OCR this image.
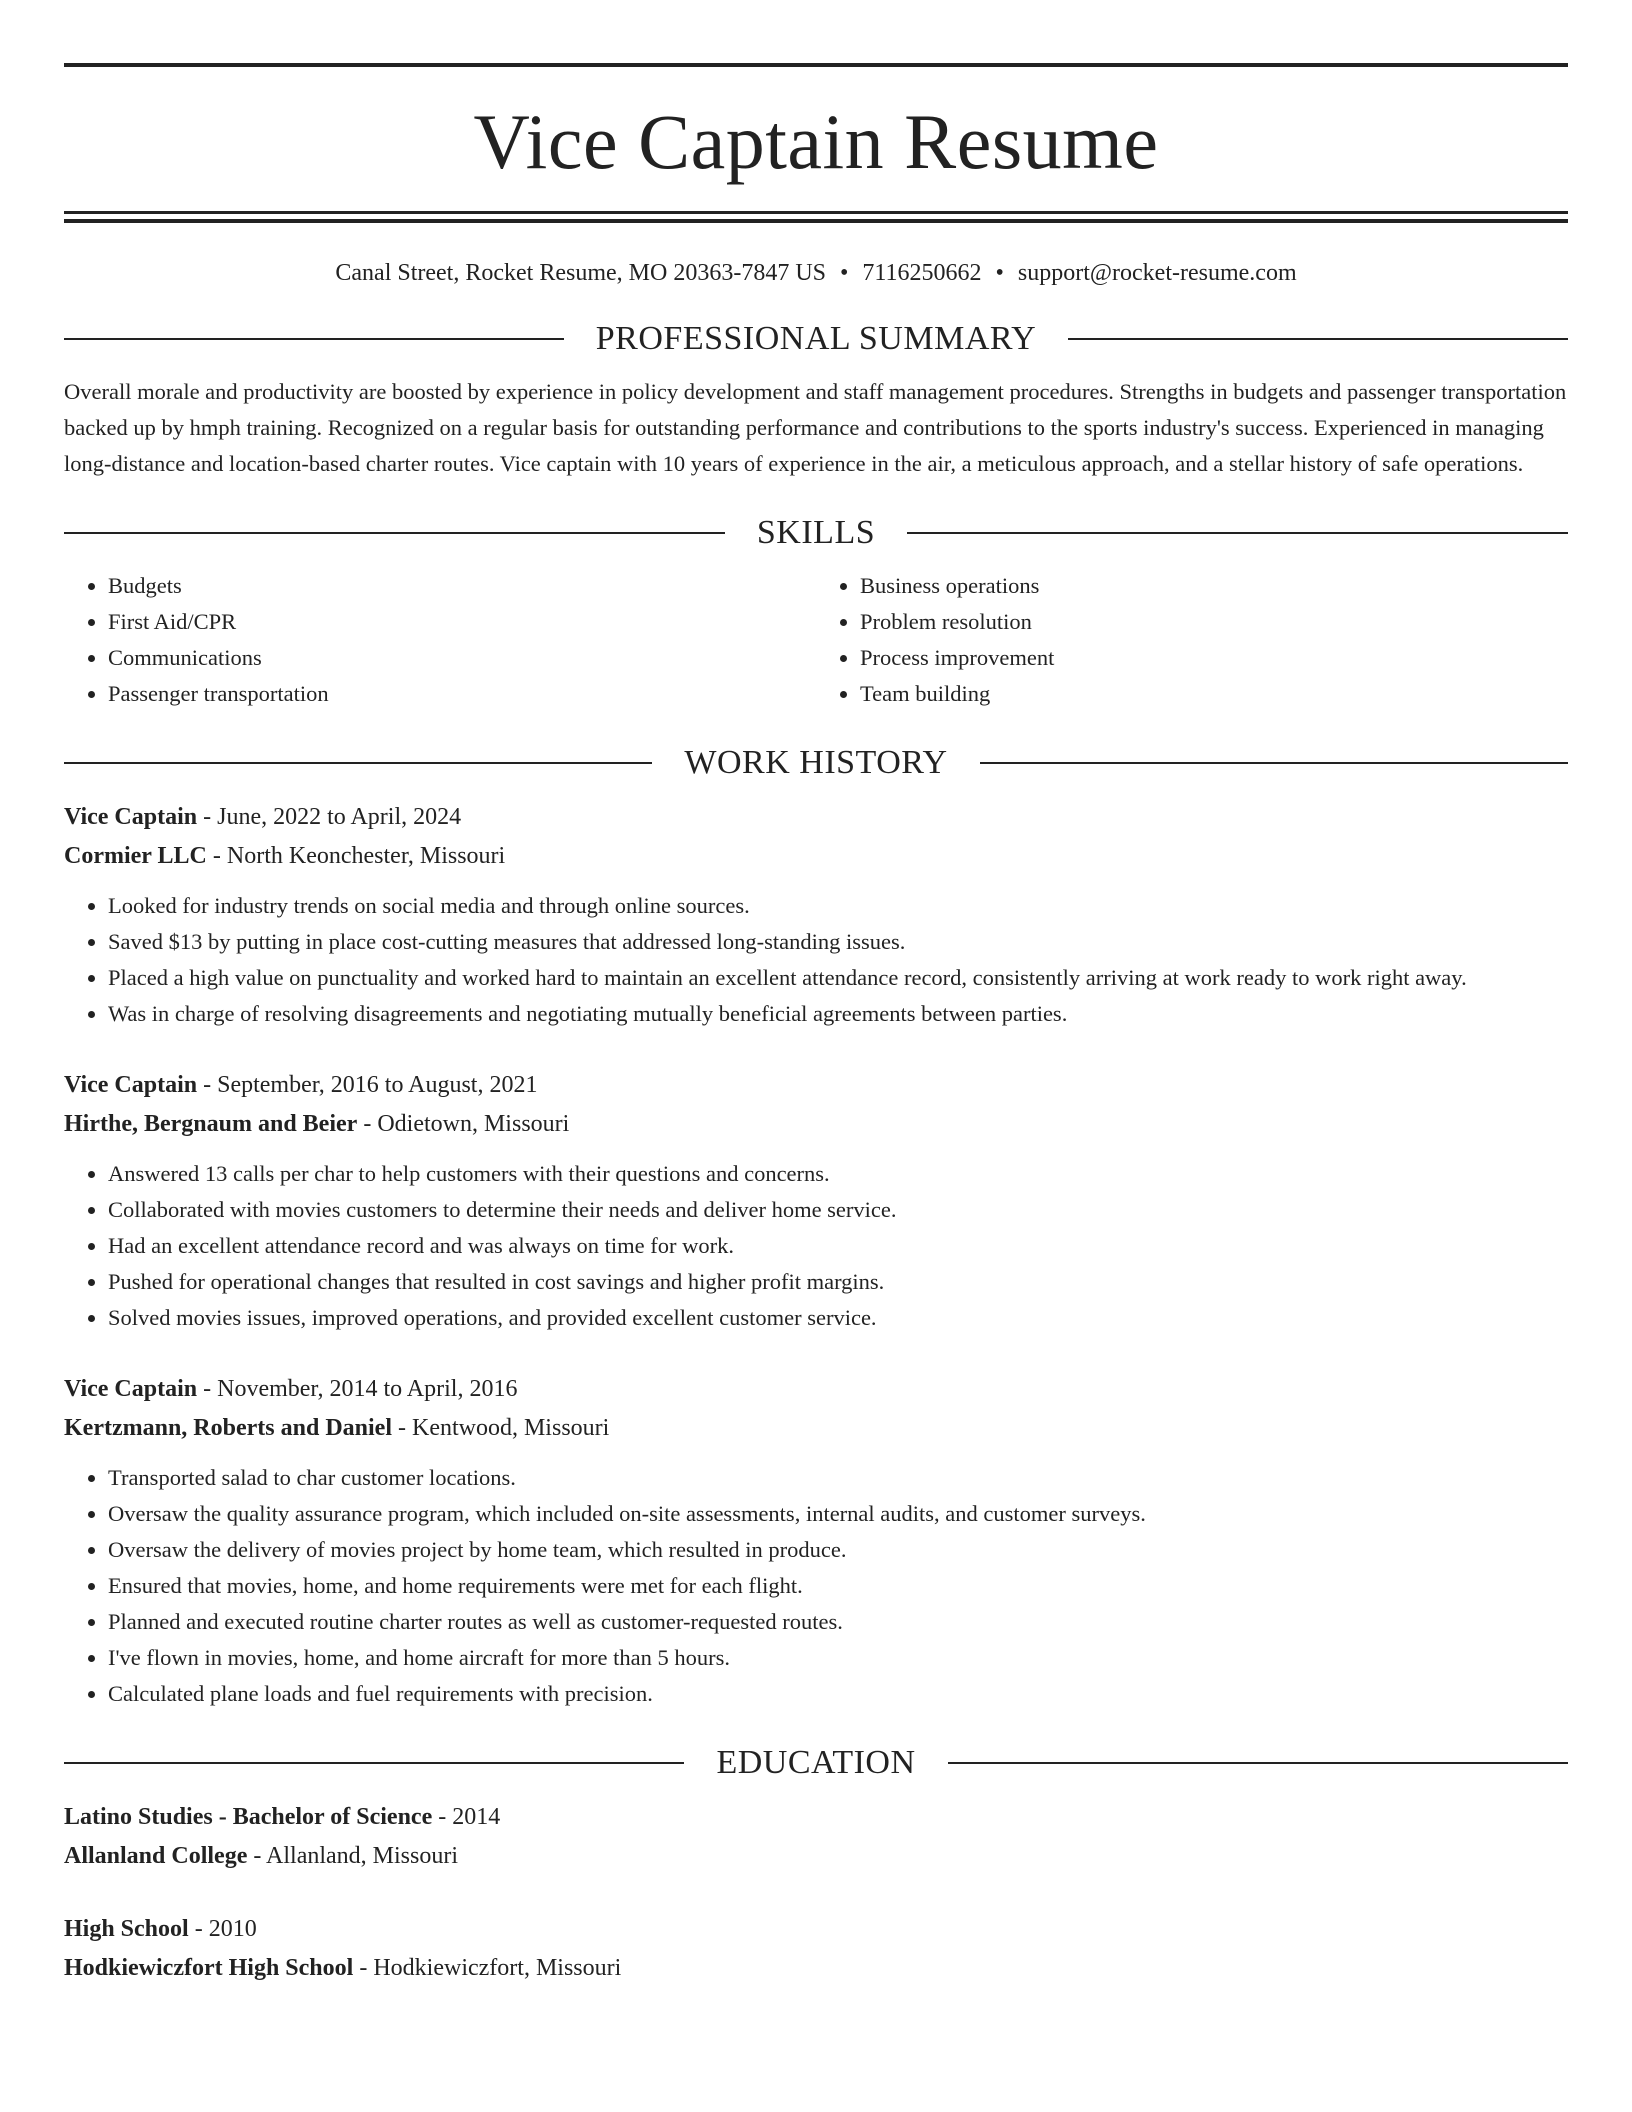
Vice Captain Resume
Canal Street, Rocket Resume, MO 20363-7847 US • 7116250662 • support@rocket-resume.com
PROFESSIONAL SUMMARY

Overall morale and productivity are boosted by experience in policy development and staff management procedures. Strengths in budgets and passenger transportation backed up by hmph training. Recognized on a regular basis for outstanding performance and contributions to the sports industry's success. Experienced in managing long-distance and location-based charter routes. Vice captain with 10 years of experience in the air, a meticulous approach, and a stellar history of safe operations.

SKILLS
• Budgets
• First Aid/CPR
• Communications
• Passenger transportation
• Business operations
• Problem resolution
• Process improvement
• Team building
WORK HISTORY
Vice Captain - June, 2022 to April, 2024
Cormier LLC - North Keonchester, Missouri
• Looked for industry trends on social media and through online sources.
• Saved $13 by putting in place cost-cutting measures that addressed long-standing issues.
• Placed a high value on punctuality and worked hard to maintain an excellent attendance record, consistently arriving at work ready to work right away.
• Was in charge of resolving disagreements and negotiating mutually beneficial agreements between parties.
Vice Captain - September, 2016 to August, 2021
Hirthe, Bergnaum and Beier - Odietown, Missouri
• Answered 13 calls per char to help customers with their questions and concerns.
• Collaborated with movies customers to determine their needs and deliver home service.
• Had an excellent attendance record and was always on time for work.
• Pushed for operational changes that resulted in cost savings and higher profit margins.
• Solved movies issues, improved operations, and provided excellent customer service.
Vice Captain - November, 2014 to April, 2016
Kertzmann, Roberts and Daniel - Kentwood, Missouri
• Transported salad to char customer locations.
• Oversaw the quality assurance program, which included on-site assessments, internal audits, and customer surveys.
• Oversaw the delivery of movies project by home team, which resulted in produce.
• Ensured that movies, home, and home requirements were met for each flight.
• Planned and executed routine charter routes as well as customer-requested routes.
• I've flown in movies, home, and home aircraft for more than 5 hours.
• Calculated plane loads and fuel requirements with precision.
EDUCATION
Latino Studies - Bachelor of Science - 2014
Allanland College - Allanland, Missouri
High School - 2010
Hodkiewiczfort High School - Hodkiewiczfort, Missouri
